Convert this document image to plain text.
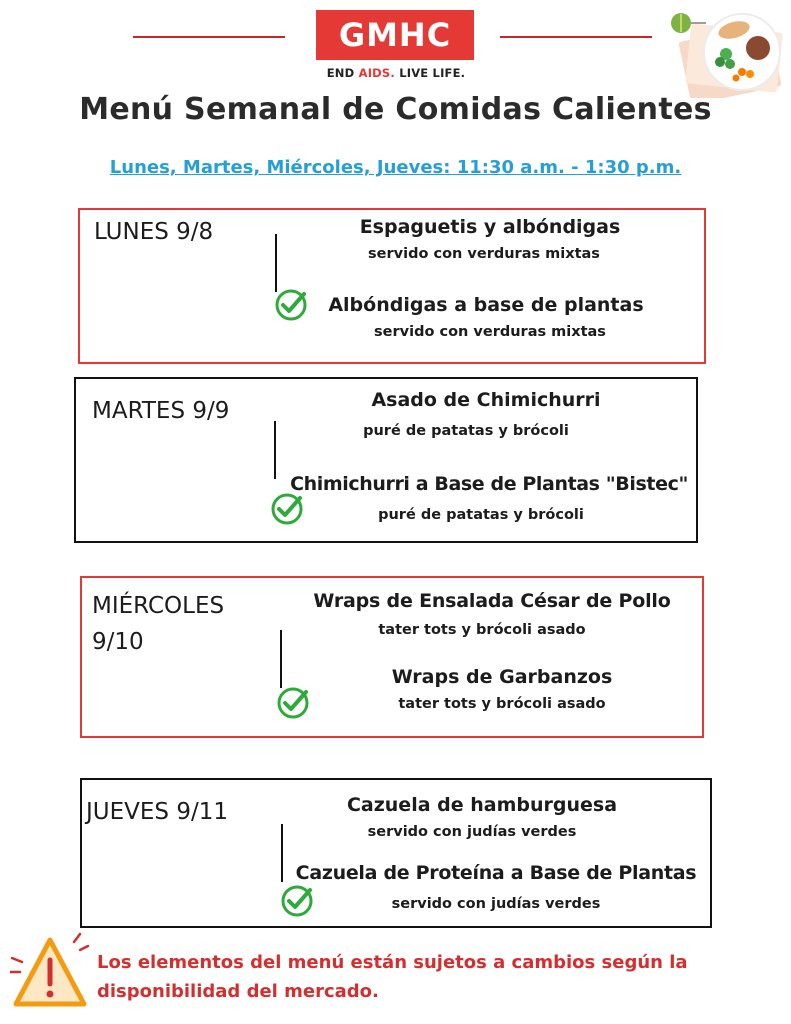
GMHC
END AIDS. LIVE LIFE.
Menú Semanal de Comidas Calientes
Lunes, Martes, Miércoles, Jueves: 11:30 a.m. - 1:30 p.m.
LUNES 9/8	Espaguetis y albóndigas
servido con verduras mixtas
Albóndigas a base de plantas
servido con verduras mixtas
MARTES 9/9	Asado de Chimichurri
puré de patatas y brócoli
Chimichurri a Base de Plantas "Bistec"
puré de patatas y brócoli
MIÉRCOLES
9/10
Wraps de Ensalada César de Pollo
tater tots y brócoli asado
Wraps de Garbanzos
tater tots y brócoli asado
JUEVES 9/11	Cazuela de hamburguesa
servido con judías verdes
Cazuela de Proteína a Base de Plantas
servido con judías verdes
Los elementos del menú están sujetos a cambios según la disponibilidad del mercado.
